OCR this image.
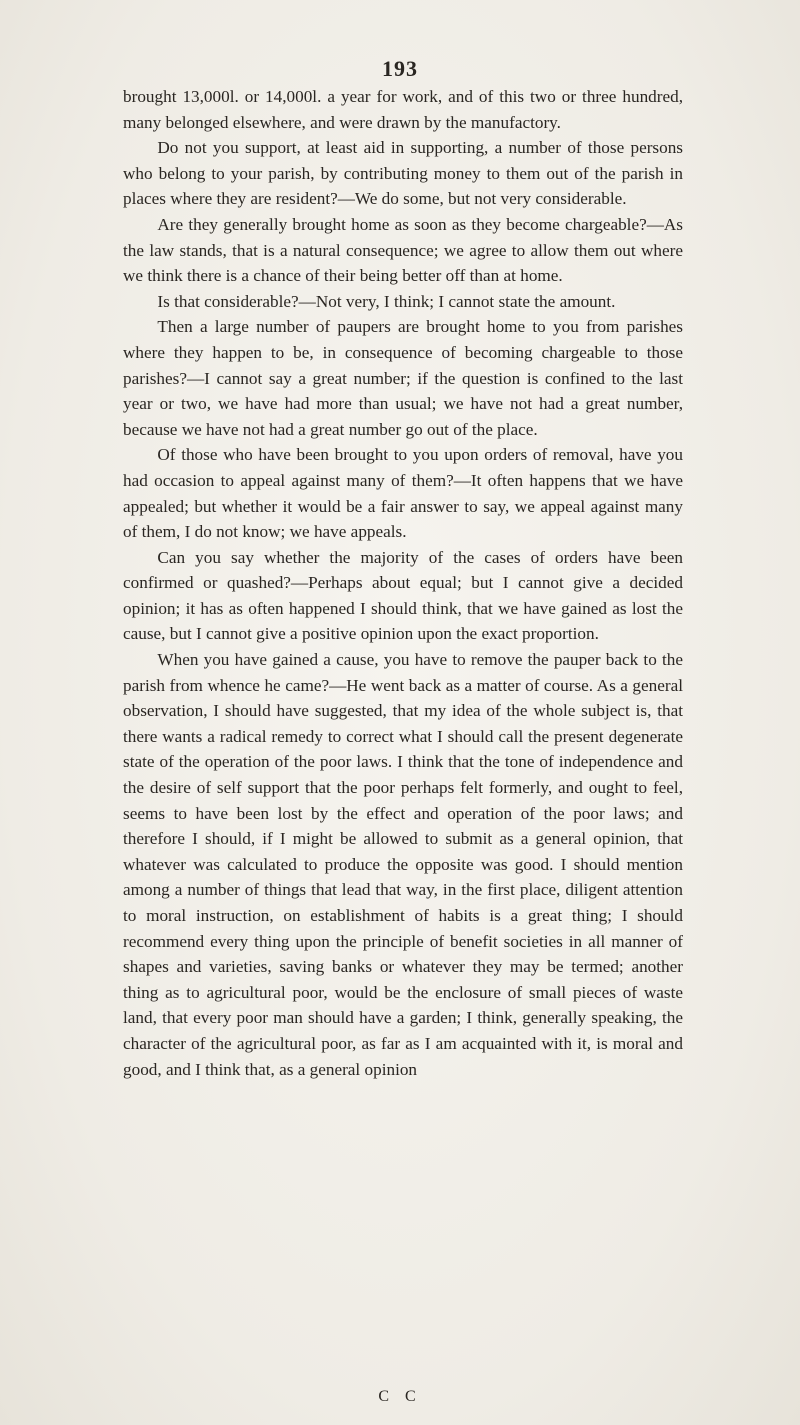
193

brought 13,000l. or 14,000l. a year for work, and of this two or three hundred, many belonged elsewhere, and were drawn by the manufactory.

Do not you support, at least aid in supporting, a number of those persons who belong to your parish, by contributing money to them out of the parish in places where they are resident?—We do some, but not very considerable.

Are they generally brought home as soon as they become chargeable?—As the law stands, that is a natural consequence; we agree to allow them out where we think there is a chance of their being better off than at home.

Is that considerable?—Not very, I think; I cannot state the amount.

Then a large number of paupers are brought home to you from parishes where they happen to be, in consequence of becoming chargeable to those parishes?—I cannot say a great number; if the question is confined to the last year or two, we have had more than usual; we have not had a great number, because we have not had a great number go out of the place.

Of those who have been brought to you upon orders of removal, have you had occasion to appeal against many of them?—It often happens that we have appealed; but whether it would be a fair answer to say, we appeal against many of them, I do not know; we have appeals.

Can you say whether the majority of the cases of orders have been confirmed or quashed?—Perhaps about equal; but I cannot give a decided opinion; it has as often happened I should think, that we have gained as lost the cause, but I cannot give a positive opinion upon the exact proportion.

When you have gained a cause, you have to remove the pauper back to the parish from whence he came?—He went back as a matter of course. As a general observation, I should have suggested, that my idea of the whole subject is, that there wants a radical remedy to correct what I should call the present degenerate state of the operation of the poor laws. I think that the tone of independence and the desire of self support that the poor perhaps felt formerly, and ought to feel, seems to have been lost by the effect and operation of the poor laws; and therefore I should, if I might be allowed to submit as a general opinion, that whatever was calculated to produce the opposite was good. I should mention among a number of things that lead that way, in the first place, diligent attention to moral instruction, on establishment of habits is a great thing; I should recommend every thing upon the principle of benefit societies in all manner of shapes and varieties, saving banks or whatever they may be termed; another thing as to agricultural poor, would be the enclosure of small pieces of waste land, that every poor man should have a garden; I think, generally speaking, the character of the agricultural poor, as far as I am acquainted with it, is moral and good, and I think that, as a general opinion

C C
